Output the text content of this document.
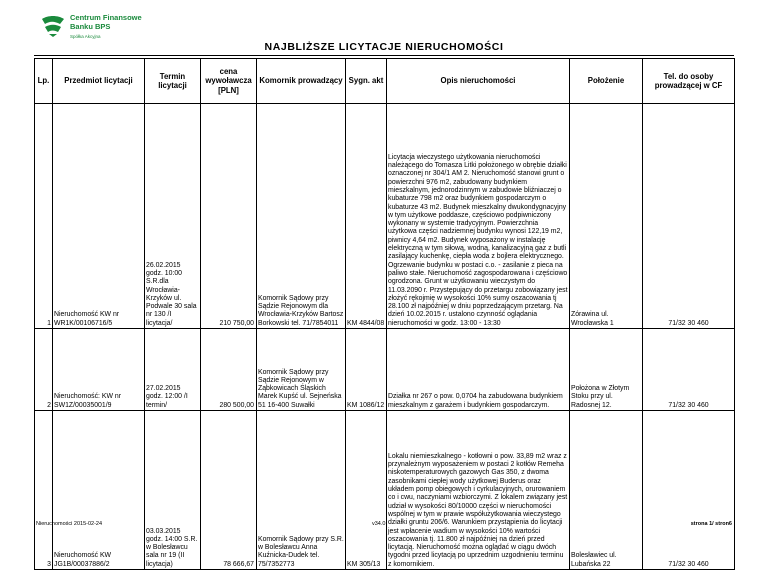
Centrum Finansowe
Banku BPS
Spółka Akcyjna
NAJBLIŻSZE LICYTACJE NIERUCHOMOŚCI
Lp.	Przedmiot licytacji	Termin licytacji	cena wywoławcza [PLN]	Komornik prowadzący	Sygn. akt	Opis nieruchomości	Położenie	Tel. do osoby prowadzącej w CF
1	Nieruchomość KW nr WR1K/00106716/5	26.02.2015 godz. 10:00 S.R.dla Wrocławia-Krzyków ul. Podwale 30 sala nr 130 /I licytacja/	210 750,00	Komornik Sądowy przy Sądzie Rejonowym dla Wrocławia-Krzyków Bartosz Borkowski tel. 71/7854011	KM 4844/08	Licytacja wieczystego użytkowania nieruchomości należącego do Tomasza Litki położonego w obrębie działki oznaczonej nr 304/1 AM 2. Nieruchomość stanowi grunt o powierzchni 976 m2, zabudowany budynkiem mieszkalnym, jednorodzinnym w zabudowie bliźniaczej o kubaturze 798 m2 oraz budynkiem gospodarczym o kubaturze 43 m2. Budynek mieszkalny dwukondygnacyjny w tym użytkowe poddasze, częściowo podpiwniczony wykonany w systemie tradycyjnym. Powierzchnia użytkowa części nadziemnej budynku wynosi 122,19 m2, piwnicy 4,64 m2. Budynek wyposażony w instalację elektryczną w tym siłową, wodną, kanalizacyjną gaz z butli zasilający kuchenkę, ciepła woda z bojlera elektrycznego. Ogrzewanie budynku w postaci c.o. - zasilanie z pieca na paliwo stałe. Nieruchomość zagospodarowana i częściowo ogrodzona. Grunt w użytkowaniu wieczystym do 11.03.2090 r. Przystępujący do przetargu zobowiązany jest złożyć rękojmię w wysokości 10% sumy oszacowania tj 28.100 zł najpóźniej w dniu poprzedzającym przetarg. Na dzień 10.02.2015 r. ustalono czynność oglądania nieruchomości w godz. 13:00 - 13:30	Zórawina ul. Wrocławska 1	71/32 30 460
2	Nieruchomość: KW nr SW1Z/00035001/9	27.02.2015 godz. 12:00 /I termin/	280 500,00	Komornik Sądowy przy Sądzie Rejonowym w Ząbkowicach Śląskich Marek Kupść ul. Sejneńska 51 16-400 Suwałki	KM 1086/12	Działka nr 267 o pow. 0,0704 ha zabudowana budynkiem mieszkalnym z garażem i budynkiem gospodarczym.	Położona w Złotym Stoku przy ul. Radosnej 12.	71/32 30 460
3	Nieruchomość KW JG1B/00037886/2	03.03.2015 godz. 14:00 S.R. w Bolesławcu sala nr 19 (II licytacja)	78 666,67	Komornik Sądowy przy S.R. w Bolesławcu Anna Kuźnicka-Dudek tel. 75/7352773	KM 305/13	Lokalu niemieszkalnego - kotłowni o pow. 33,89 m2 wraz z przynależnym wyposażeniem w postaci 2 kotłów Remeha niskotemperaturowych gazowych Gas 350, z dwoma zasobnikami ciepłej wody użytkowej Buderus oraz układem pomp obiegowych i cyrkulacyjnych, orurowaniem co i cwu, naczyniami wzbiorczymi. Z lokalem związany jest udział w wysokości 80/10000 części w nieruchomości wspólnej w tym w prawie współużytkowania wieczystego działki gruntu 206/6. Warunkiem przystąpienia do licytacji jest wpłacenie wadium w wysokości 10% wartości oszacowania tj. 11.800 zł najpóźniej na dzień przed licytacją. Nieruchomość można oglądać w ciągu dwóch tygodni przed licytacją po uprzednim uzgodnieniu terminu z komornikiem.	Bolesławiec ul. Lubańska 22	71/32 30 460
Nieruchomości 2015-02-24	v34.0	strona 1/ stron6
